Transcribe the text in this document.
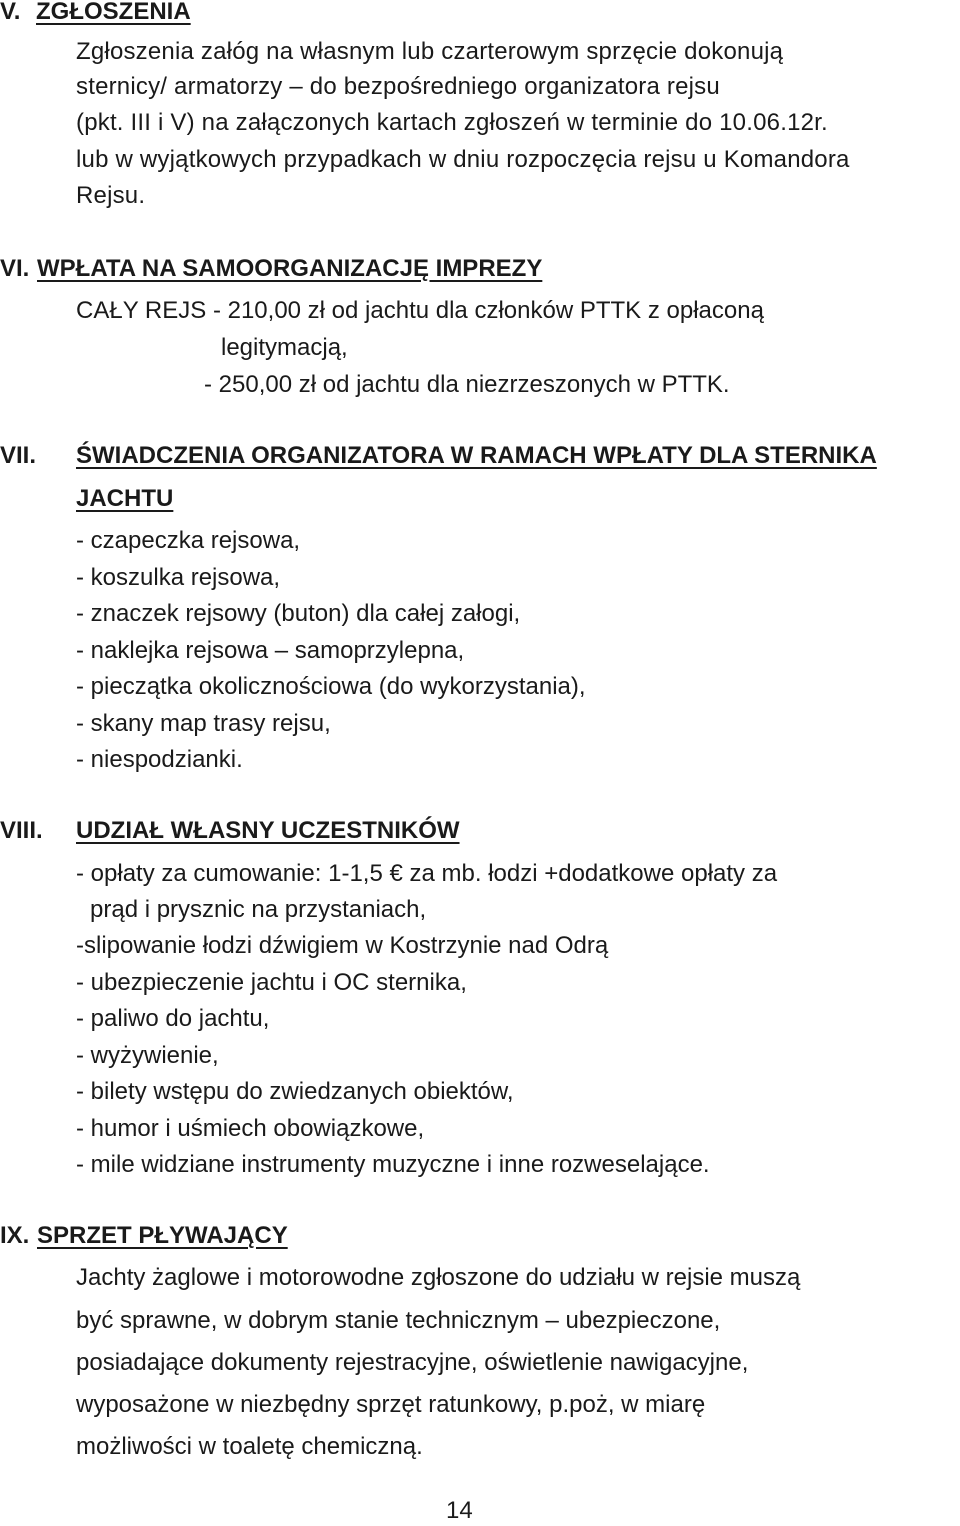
V. ZGŁOSZENIA
Zgłoszenia załóg na własnym lub czarterowym sprzęcie dokonują
sternicy/ armatorzy – do bezpośredniego organizatora rejsu
(pkt. III i V) na załączonych kartach zgłoszeń w terminie do 10.06.12r.
lub w wyjątkowych przypadkach w dniu rozpoczęcia rejsu u Komandora
Rejsu.
VI. WPŁATA NA SAMOORGANIZACJĘ IMPREZY
CAŁY REJS - 210,00 zł od jachtu dla członków PTTK z opłaconą
legitymacją,
- 250,00 zł od jachtu dla niezrzeszonych w PTTK.
VII. ŚWIADCZENIA ORGANIZATORA W RAMACH WPŁATY DLA STERNIKA
JACHTU
- czapeczka rejsowa,
- koszulka rejsowa,
- znaczek rejsowy (buton) dla całej załogi,
- naklejka rejsowa – samoprzylepna,
- pieczątka okolicznościowa (do wykorzystania),
- skany map trasy rejsu,
- niespodzianki.
VIII. UDZIAŁ WŁASNY UCZESTNIKÓW
- opłaty za cumowanie: 1-1,5 € za mb. łodzi +dodatkowe opłaty za
prąd i prysznic na przystaniach,
-slipowanie łodzi dźwigiem w Kostrzynie nad Odrą
- ubezpieczenie jachtu i OC sternika,
- paliwo do jachtu,
- wyżywienie,
- bilety wstępu do zwiedzanych obiektów,
- humor i uśmiech obowiązkowe,
- mile widziane instrumenty muzyczne i inne rozweselające.
IX. SPRZET PŁYWAJĄCY
Jachty żaglowe i motorowodne zgłoszone do udziału w rejsie muszą
być sprawne, w dobrym stanie technicznym – ubezpieczone,
posiadające dokumenty rejestracyjne, oświetlenie nawigacyjne,
wyposażone w niezbędny sprzęt ratunkowy, p.poż, w miarę
możliwości w toaletę chemiczną.
14
